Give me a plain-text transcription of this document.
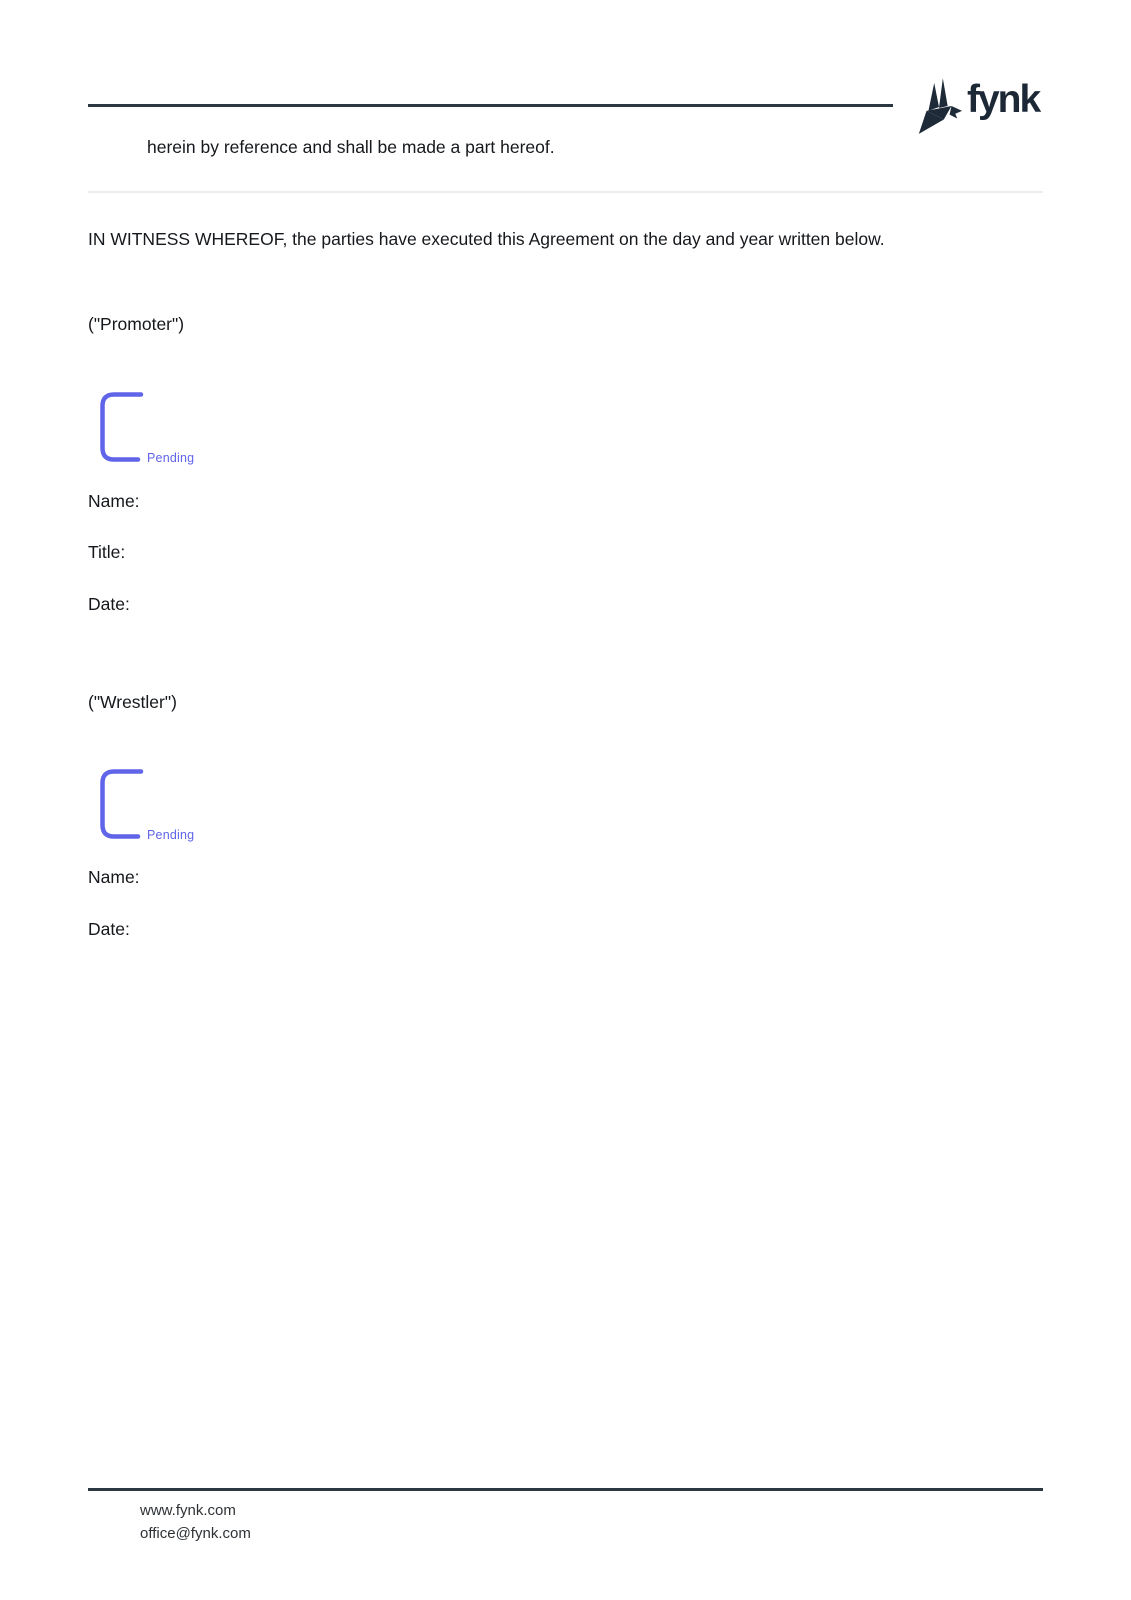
fynk

herein by reference and shall be made a part hereof.

IN WITNESS WHEREOF, the parties have executed this Agreement on the day and year written below.

("Promoter")

Pending

Name:

Title:

Date:

("Wrestler")

Pending

Name:

Date:

www.fynk.com

office@fynk.com
